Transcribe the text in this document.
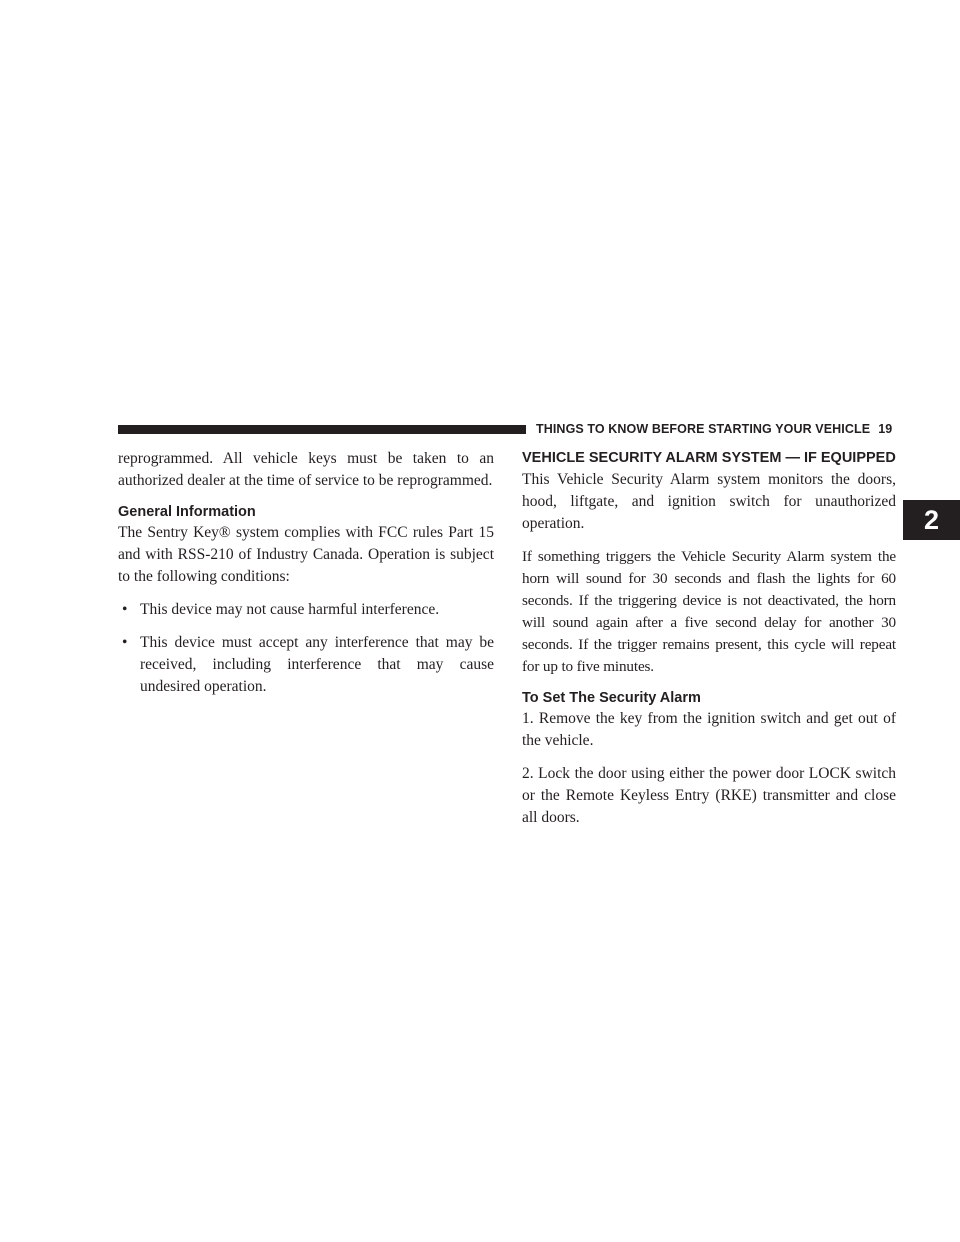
THINGS TO KNOW BEFORE STARTING YOUR VEHICLE 19
2

reprogrammed. All vehicle keys must be taken to an authorized dealer at the time of service to be reprogrammed.

General Information

The Sentry Key® system complies with FCC rules Part 15 and with RSS-210 of Industry Canada. Operation is subject to the following conditions:

• This device may not cause harmful interference.
• This device must accept any interference that may be received, including interference that may cause undesired operation.
VEHICLE SECURITY ALARM SYSTEM — IF EQUIPPED

This Vehicle Security Alarm system monitors the doors, hood, liftgate, and ignition switch for unauthorized operation.

If something triggers the Vehicle Security Alarm system the horn will sound for 30 seconds and flash the lights for 60 seconds. If the triggering device is not deactivated, the horn will sound again after a five second delay for another 30 seconds. If the trigger remains present, this cycle will repeat for up to five minutes.

To Set The Security Alarm

1. Remove the key from the ignition switch and get out of the vehicle.

2. Lock the door using either the power door LOCK switch or the Remote Keyless Entry (RKE) transmitter and close all doors.
